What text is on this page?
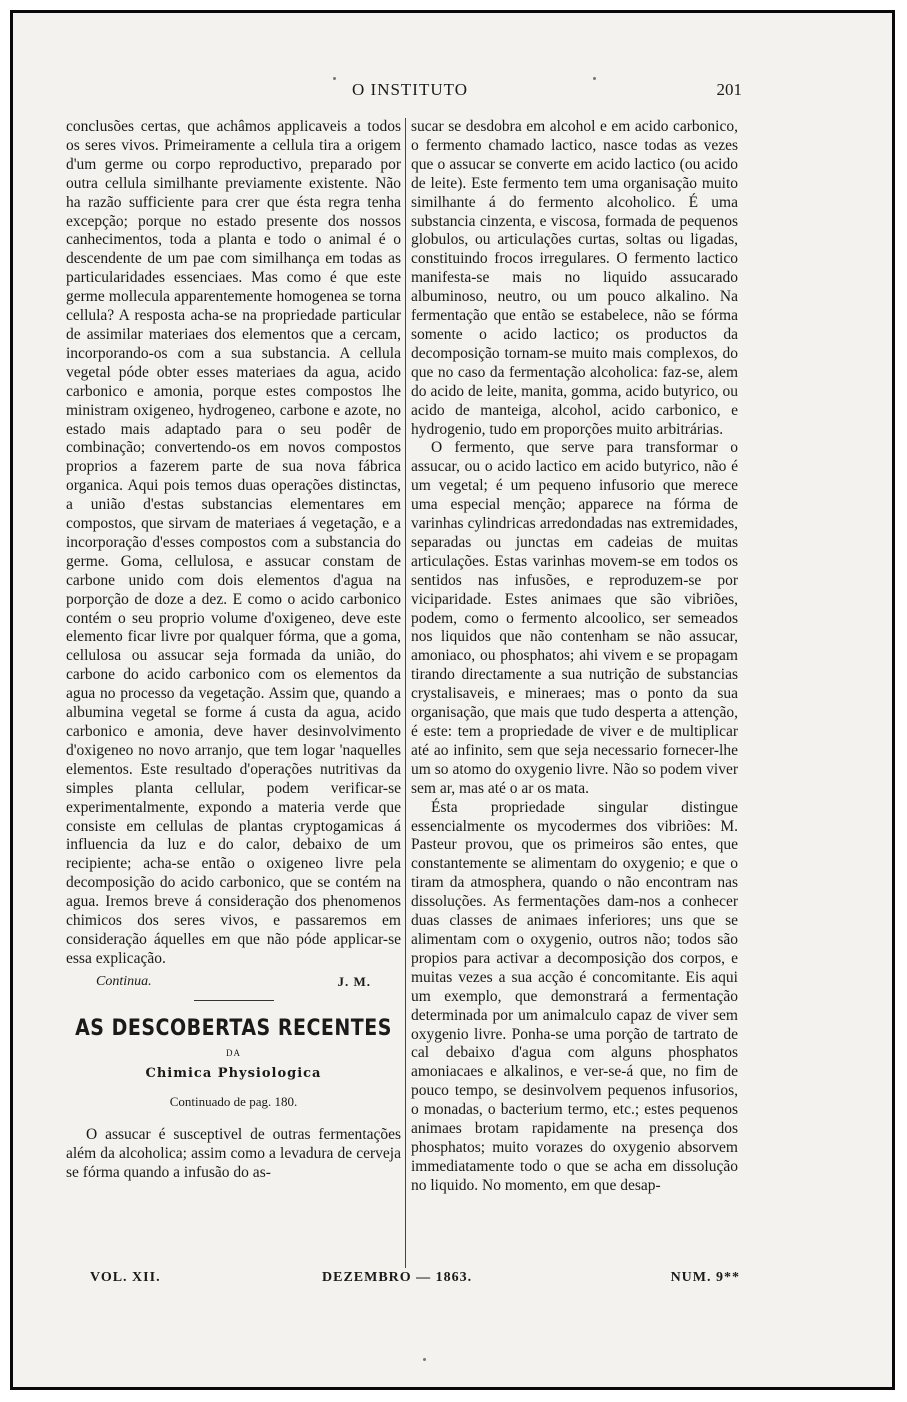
O INSTITUTO	201

conclusões certas, que achâmos applicaveis a todos os seres vivos. Primeiramente a cellula tira a origem d'um germe ou corpo reproductivo, preparado por outra cellula similhante previamente existente. Não ha razão sufficiente para crer que ésta regra tenha excepção; porque no estado presente dos nossos canhecimentos, toda a planta e todo o animal é o descendente de um pae com similhança em todas as particularidades essenciaes. Mas como é que este germe mollecula apparentemente homogenea se torna cellula? A resposta acha-se na propriedade particular de assimilar materiaes dos elementos que a cercam, incorporando-os com a sua substancia. A cellula vegetal póde obter esses materiaes da agua, acido carbonico e amonia, porque estes compostos lhe ministram oxigeneo, hydrogeneo, carbone e azote, no estado mais adaptado para o seu podêr de combinação; convertendo-os em novos compostos proprios a fazerem parte de sua nova fábrica organica. Aqui pois temos duas operações distinctas, a união d'estas substancias elementares em compostos, que sirvam de materiaes á vegetação, e a incorporação d'esses compostos com a substancia do germe. Goma, cellulosa, e assucar constam de carbone unido com dois elementos d'agua na porporção de doze a dez. E como o acido carbonico contém o seu proprio volume d'oxigeneo, deve este elemento ficar livre por qualquer fórma, que a goma, cellulosa ou assucar seja formada da união, do carbone do acido carbonico com os elementos da agua no processo da vegetação. Assim que, quando a albumina vegetal se forme á custa da agua, acido carbonico e amonia, deve haver desinvolvimento d'oxigeneo no novo arranjo, que tem logar 'naquelles elementos. Este resultado d'operações nutritivas da simples planta cellular, podem verificar-se experimentalmente, expondo a materia verde que consiste em cellulas de plantas cryptogamicas á influencia da luz e do calor, debaixo de um recipiente; acha-se então o oxigeneo livre pela decomposição do acido carbonico, que se contém na agua. Iremos breve á consideração dos phenomenos chimicos dos seres vivos, e passaremos em consideração áquelles em que não póde applicar-se essa explicação.

Continua.	J. M.
AS DESCOBERTAS RECENTES
DA
Chimica Physiologica
Continuado de pag. 180.

O assucar é susceptivel de outras fermentações além da alcoholica; assim como a levadura de cerveja se fórma quando a infusão do as-

sucar se desdobra em alcohol e em acido carbonico, o fermento chamado lactico, nasce todas as vezes que o assucar se converte em acido lactico (ou acido de leite). Este fermento tem uma organisação muito similhante á do fermento alcoholico. É uma substancia cinzenta, e viscosa, formada de pequenos globulos, ou articulações curtas, soltas ou ligadas, constituindo frocos irregulares. O fermento lactico manifesta-se mais no liquido assucarado albuminoso, neutro, ou um pouco alkalino. Na fermentação que então se estabelece, não se fórma somente o acido lactico; os productos da decomposição tornam-se muito mais complexos, do que no caso da fermentação alcoholica: faz-se, alem do acido de leite, manita, gomma, acido butyrico, ou acido de manteiga, alcohol, acido carbonico, e hydrogenio, tudo em proporções muito arbitrárias.

O fermento, que serve para transformar o assucar, ou o acido lactico em acido butyrico, não é um vegetal; é um pequeno infusorio que merece uma especial menção; apparece na fórma de varinhas cylindricas arredondadas nas extremidades, separadas ou junctas em cadeias de muitas articulações. Estas varinhas movem-se em todos os sentidos nas infusões, e reproduzem-se por viciparidade. Estes animaes que são vibriões, podem, como o fermento alcoolico, ser semeados nos liquidos que não contenham se não assucar, amoniaco, ou phosphatos; ahi vivem e se propagam tirando directamente a sua nutrição de substancias crystalisaveis, e mineraes; mas o ponto da sua organisação, que mais que tudo desperta a attenção, é este: tem a propriedade de viver e de multiplicar até ao infinito, sem que seja necessario fornecer-lhe um so atomo do oxygenio livre. Não so podem viver sem ar, mas até o ar os mata.

Ésta propriedade singular distingue essencialmente os mycodermes dos vibriões: M. Pasteur provou, que os primeiros são entes, que constantemente se alimentam do oxygenio; e que o tiram da atmosphera, quando o não encontram nas dissoluções. As fermentações dam-nos a conhecer duas classes de animaes inferiores; uns que se alimentam com o oxygenio, outros não; todos são propios para activar a decomposição dos corpos, e muitas vezes a sua acção é concomitante. Eis aqui um exemplo, que demonstrará a fermentação determinada por um animalculo capaz de viver sem oxygenio livre. Ponha-se uma porção de tartrato de cal debaixo d'agua com alguns phosphatos amoniacaes e alkalinos, e ver-se-á que, no fim de pouco tempo, se desinvolvem pequenos infusorios, o monadas, o bacterium termo, etc.; estes pequenos animaes brotam rapidamente na presença dos phosphatos; muito vorazes do oxygenio absorvem immediatamente todo o que se acha em dissolução no liquido. No momento, em que desap-

VOL. XII.	DEZEMBRO — 1863.	NUM. 9**
